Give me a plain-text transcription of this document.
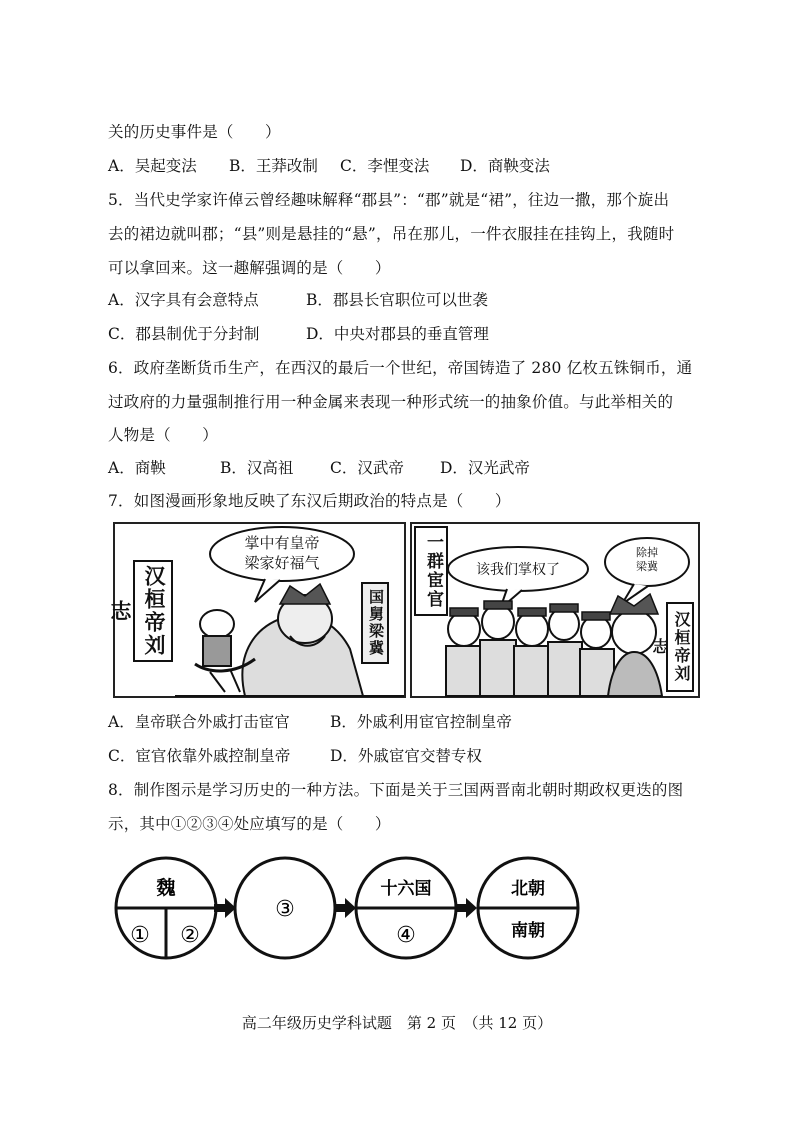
关的历史事件是（　　）
A．吴起变法	B．王莽改制	C．李悝变法	D．商鞅变法
5．当代史学家许倬云曾经趣味解释“郡县”：“郡”就是“裙”，往边一撒，那个旋出
去的裙边就叫郡；“县”则是悬挂的“悬”，吊在那儿，一件衣服挂在挂钩上，我随时
可以拿回来。这一趣解强调的是（　　）
A．汉字具有会意特点	B．郡县长官职位可以世袭
C．郡县制优于分封制	D．中央对郡县的垂直管理
6．政府垄断货币生产，在西汉的最后一个世纪，帝国铸造了 280 亿枚五铢铜币，通
过政府的力量强制推行用一种金属来表现一种形式统一的抽象价值。与此举相关的
人物是（　　）
A．商鞅	B．汉高祖	C．汉武帝	D．汉光武帝
7．如图漫画形象地反映了东汉后期政治的特点是（　　）
掌中有皇帝
梁家好福气
汉桓帝刘志	国舅梁冀
一群宦官	该我们掌权了
除掉
梁冀
汉桓帝刘志
A．皇帝联合外戚打击宦官	B．外戚利用宦官控制皇帝
C．宦官依靠外戚控制皇帝	D．外戚宦官交替专权
8．制作图示是学习历史的一种方法。下面是关于三国两晋南北朝时期政权更迭的图
示，其中①②③④处应填写的是（　　）
魏
① ②
③
十六国
④
北朝
南朝
高二年级历史学科试题　第 2 页　（共 12 页）
